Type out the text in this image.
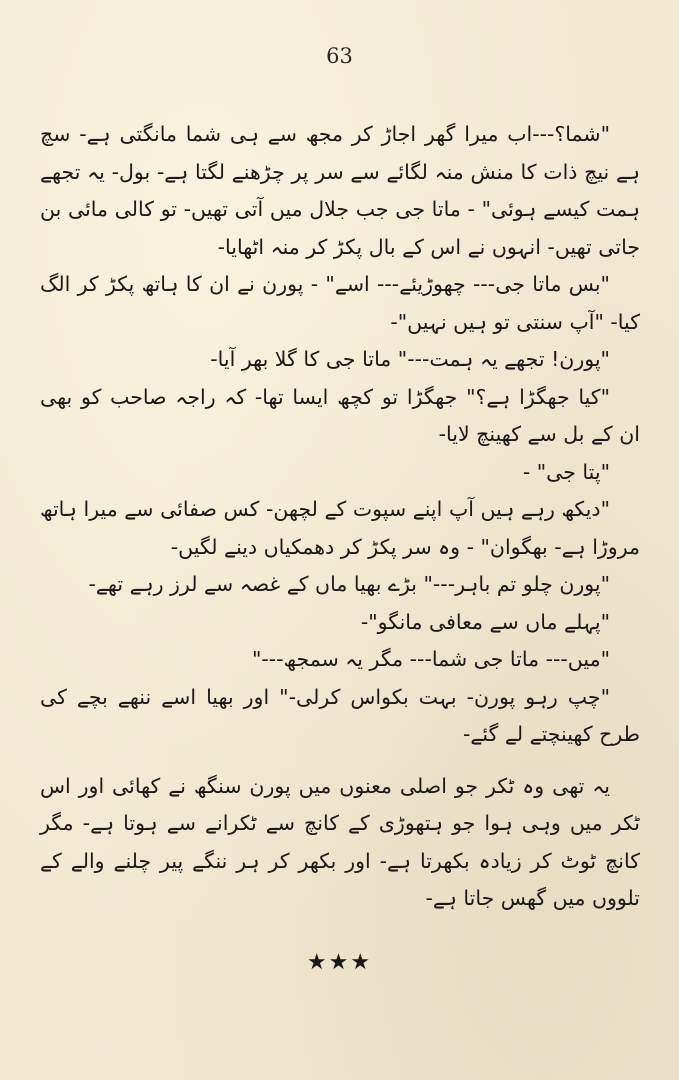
63

"شما؟---اب میرا گھر اجاڑ کر مجھ سے ہی شما مانگتی ہے- سچ ہے نیچ ذات کا منش منہ لگائے سے سر پر چڑھنے لگتا ہے- بول- یہ تجھے ہمت کیسے ہوئی" - ماتا جی جب جلال میں آتی تھیں- تو کالی مائی بن جاتی تھیں- انہوں نے اس کے بال پکڑ کر منہ اٹھایا-

"بس ماتا جی--- چھوڑیئے--- اسے" - پورن نے ان کا ہاتھ پکڑ کر الگ کیا- "آپ سنتی تو ہیں نہیں"-

"پورن! تجھے یہ ہمت---" ماتا جی کا گلا بھر آیا-

"کیا جھگڑا ہے؟" جھگڑا تو کچھ ایسا تھا- کہ راجہ صاحب کو بھی ان کے بل سے کھینچ لایا-

"پتا جی" -

"دیکھ رہے ہیں آپ اپنے سپوت کے لچھن- کس صفائی سے میرا ہاتھ مروڑا ہے- بھگوان" - وہ سر پکڑ کر دھمکیاں دینے لگیں-

"پورن چلو تم باہر---" بڑے بھیا ماں کے غصہ سے لرز رہے تھے-

"پہلے ماں سے معافی مانگو"-

"میں--- ماتا جی شما--- مگر یہ سمجھ---"

"چپ رہو پورن- بہت بکواس کرلی-" اور بھیا اسے ننھے بچے کی طرح کھینچتے لے گئے-

یہ تھی وہ ٹکر جو اصلی معنوں میں پورن سنگھ نے کھائی اور اس ٹکر میں وہی ہوا جو ہتھوڑی کے کانچ سے ٹکرانے سے ہوتا ہے- مگر کانچ ٹوٹ کر زیادہ بکھرتا ہے- اور بکھر کر ہر ننگے پیر چلنے والے کے تلووں میں گھس جاتا ہے-

★★★
